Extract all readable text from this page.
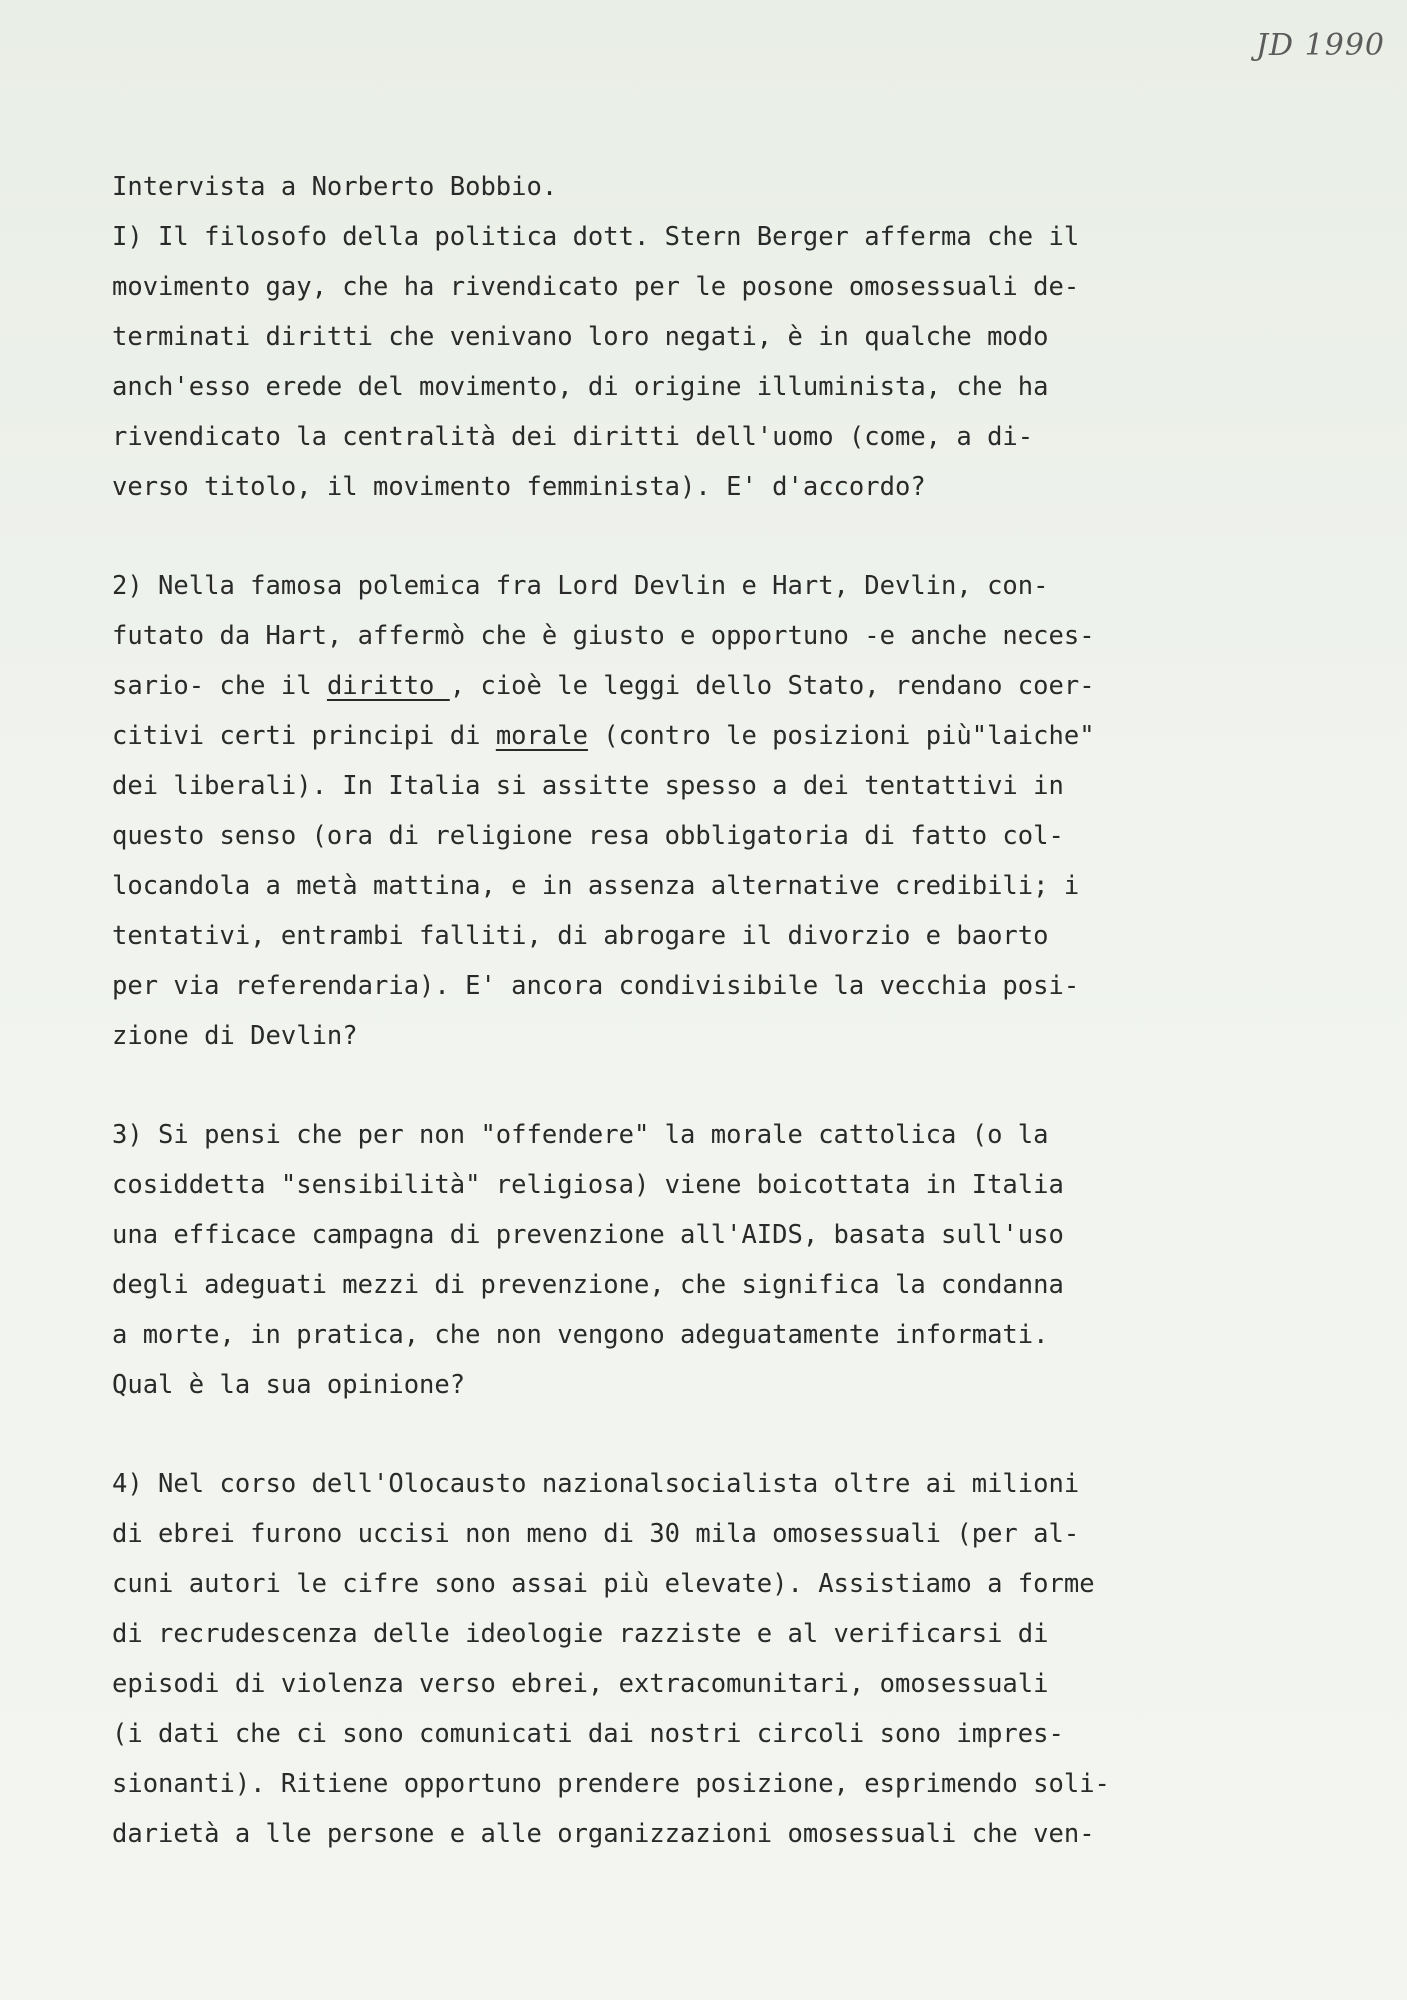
JD 1990
Intervista a Norberto Bobbio.
I) Il filosofo della politica dott. Stern Berger afferma che il
movimento gay, che ha rivendicato per le posone omosessuali de-
terminati diritti che venivano loro negati, è in qualche modo
anch'esso erede del movimento, di origine illuminista, che ha
rivendicato la centralità dei diritti dell'uomo (come, a di-
verso titolo, il movimento femminista). E' d'accordo?
2) Nella famosa polemica fra Lord Devlin e Hart, Devlin, con-
futato da Hart, affermò che è giusto e opportuno -e anche neces-
sario- che il diritto , cioè le leggi dello Stato, rendano coer-
citivi certi principi di morale (contro le posizioni più"laiche"
dei liberali). In Italia si assitte spesso a dei tentattivi in
questo senso (ora di religione resa obbligatoria di fatto col-
locandola a metà mattina, e in assenza alternative credibili; i
tentativi, entrambi falliti, di abrogare il divorzio e baorto
per via referendaria). E' ancora condivisibile la vecchia posi-
zione di Devlin?
3) Si pensi che per non "offendere" la morale cattolica (o la
cosiddetta "sensibilità" religiosa) viene boicottata in Italia
una efficace campagna di prevenzione all'AIDS, basata sull'uso
degli adeguati mezzi di prevenzione, che significa la condanna
a morte, in pratica, che non vengono adeguatamente informati.
Qual è la sua opinione?
4) Nel corso dell'Olocausto nazionalsocialista oltre ai milioni
di ebrei furono uccisi non meno di 30 mila omosessuali (per al-
cuni autori le cifre sono assai più elevate). Assistiamo a forme
di recrudescenza delle ideologie razziste e al verificarsi di
episodi di violenza verso ebrei, extracomunitari, omosessuali
(i dati che ci sono comunicati dai nostri circoli sono impres-
sionanti). Ritiene opportuno prendere posizione, esprimendo soli-
darietà a lle persone e alle organizzazioni omosessuali che ven-
